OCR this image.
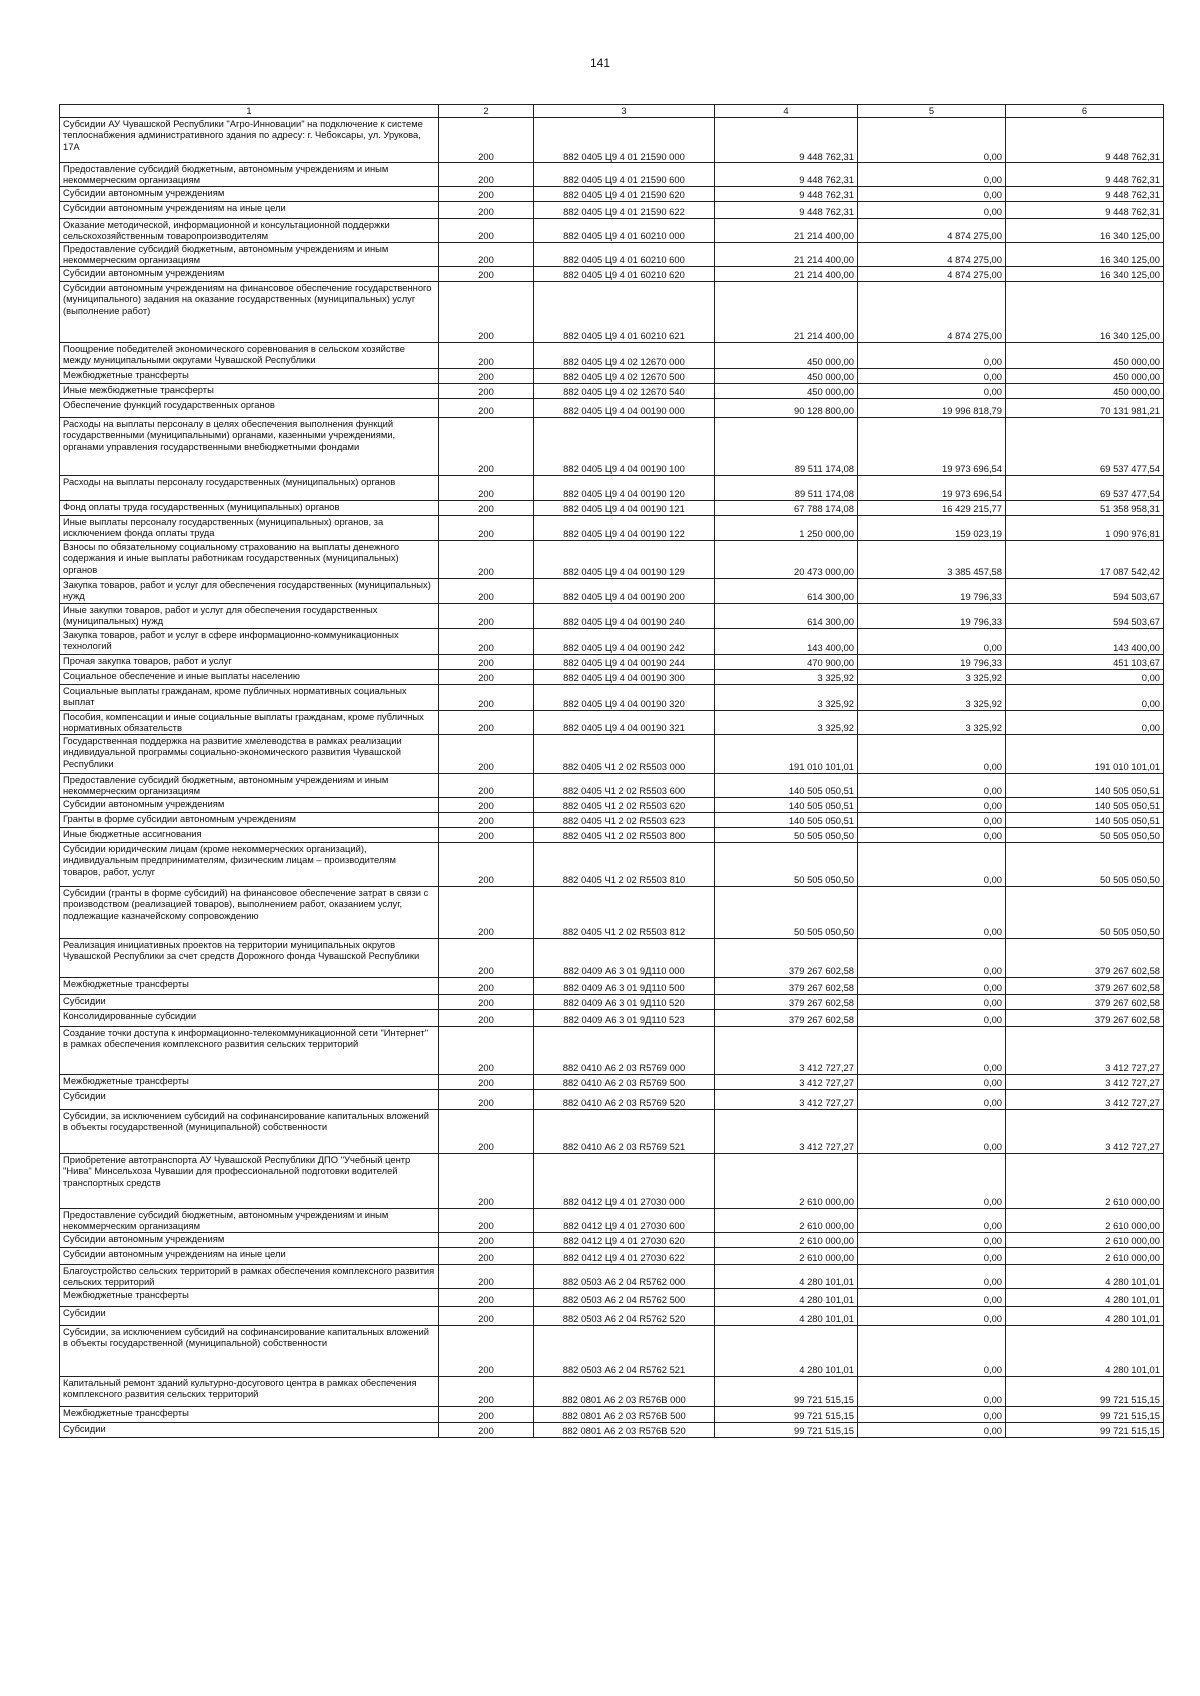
141
1	2	3	4	5	6
Субсидии АУ Чувашской Республики "Агро-Инновации" на подключение к системе теплоснабжения административного здания по адресу: г. Чебоксары, ул. Урукова, 17А	200	882 0405 Ц9 4 01 21590 000	9 448 762,31	0,00	9 448 762,31
Предоставление субсидий бюджетным, автономным учреждениям и иным некоммерческим организациям	200	882 0405 Ц9 4 01 21590 600	9 448 762,31	0,00	9 448 762,31
Субсидии автономным учреждениям	200	882 0405 Ц9 4 01 21590 620	9 448 762,31	0,00	9 448 762,31
Субсидии автономным учреждениям на иные цели	200	882 0405 Ц9 4 01 21590 622	9 448 762,31	0,00	9 448 762,31
Оказание методической, информационной и консультационной поддержки сельскохозяйственным товаропроизводителям	200	882 0405 Ц9 4 01 60210 000	21 214 400,00	4 874 275,00	16 340 125,00
Предоставление субсидий бюджетным, автономным учреждениям и иным некоммерческим организациям	200	882 0405 Ц9 4 01 60210 600	21 214 400,00	4 874 275,00	16 340 125,00
Субсидии автономным учреждениям	200	882 0405 Ц9 4 01 60210 620	21 214 400,00	4 874 275,00	16 340 125,00
Субсидии автономным учреждениям на финансовое обеспечение государственного (муниципального) задания на оказание государственных (муниципальных) услуг (выполнение работ)	200	882 0405 Ц9 4 01 60210 621	21 214 400,00	4 874 275,00	16 340 125,00
Поощрение победителей экономического соревнования в сельском хозяйстве между муниципальными округами Чувашской Республики	200	882 0405 Ц9 4 02 12670 000	450 000,00	0,00	450 000,00
Межбюджетные трансферты	200	882 0405 Ц9 4 02 12670 500	450 000,00	0,00	450 000,00
Иные межбюджетные трансферты	200	882 0405 Ц9 4 02 12670 540	450 000,00	0,00	450 000,00
Обеспечение функций государственных органов	200	882 0405 Ц9 4 04 00190 000	90 128 800,00	19 996 818,79	70 131 981,21
Расходы на выплаты персоналу в целях обеспечения выполнения функций государственными (муниципальными) органами, казенными учреждениями, органами управления государственными внебюджетными фондами	200	882 0405 Ц9 4 04 00190 100	89 511 174,08	19 973 696,54	69 537 477,54
Расходы на выплаты персоналу государственных (муниципальных) органов	200	882 0405 Ц9 4 04 00190 120	89 511 174,08	19 973 696,54	69 537 477,54
Фонд оплаты труда государственных (муниципальных) органов	200	882 0405 Ц9 4 04 00190 121	67 788 174,08	16 429 215,77	51 358 958,31
Иные выплаты персоналу государственных (муниципальных) органов, за исключением фонда оплаты труда	200	882 0405 Ц9 4 04 00190 122	1 250 000,00	159 023,19	1 090 976,81
Взносы по обязательному социальному страхованию на выплаты денежного содержания и иные выплаты работникам государственных (муниципальных) органов	200	882 0405 Ц9 4 04 00190 129	20 473 000,00	3 385 457,58	17 087 542,42
Закупка товаров, работ и услуг для обеспечения государственных (муниципальных) нужд	200	882 0405 Ц9 4 04 00190 200	614 300,00	19 796,33	594 503,67
Иные закупки товаров, работ и услуг для обеспечения государственных (муниципальных) нужд	200	882 0405 Ц9 4 04 00190 240	614 300,00	19 796,33	594 503,67
Закупка товаров, работ и услуг в сфере информационно-коммуникационных технологий	200	882 0405 Ц9 4 04 00190 242	143 400,00	0,00	143 400,00
Прочая закупка товаров, работ и услуг	200	882 0405 Ц9 4 04 00190 244	470 900,00	19 796,33	451 103,67
Социальное обеспечение и иные выплаты населению	200	882 0405 Ц9 4 04 00190 300	3 325,92	3 325,92	0,00
Социальные выплаты гражданам, кроме публичных нормативных социальных выплат	200	882 0405 Ц9 4 04 00190 320	3 325,92	3 325,92	0,00
Пособия, компенсации и иные социальные выплаты гражданам, кроме публичных нормативных обязательств	200	882 0405 Ц9 4 04 00190 321	3 325,92	3 325,92	0,00
Государственная поддержка на развитие хмелеводства в рамках реализации индивидуальной программы социально-экономического развития Чувашской Республики	200	882 0405 Ч1 2 02 R5503 000	191 010 101,01	0,00	191 010 101,01
Предоставление субсидий бюджетным, автономным учреждениям и иным некоммерческим организациям	200	882 0405 Ч1 2 02 R5503 600	140 505 050,51	0,00	140 505 050,51
Субсидии автономным учреждениям	200	882 0405 Ч1 2 02 R5503 620	140 505 050,51	0,00	140 505 050,51
Гранты в форме субсидии автономным учреждениям	200	882 0405 Ч1 2 02 R5503 623	140 505 050,51	0,00	140 505 050,51
Иные бюджетные ассигнования	200	882 0405 Ч1 2 02 R5503 800	50 505 050,50	0,00	50 505 050,50
Субсидии юридическим лицам (кроме некоммерческих организаций), индивидуальным предпринимателям, физическим лицам – производителям товаров, работ, услуг	200	882 0405 Ч1 2 02 R5503 810	50 505 050,50	0,00	50 505 050,50
Субсидии (гранты в форме субсидий) на финансовое обеспечение затрат в связи с производством (реализацией товаров), выполнением работ, оказанием услуг, подлежащие казначейскому сопровождению	200	882 0405 Ч1 2 02 R5503 812	50 505 050,50	0,00	50 505 050,50
Реализация инициативных проектов на территории муниципальных округов Чувашской Республики за счет средств Дорожного фонда Чувашской Республики	200	882 0409 А6 3 01 9Д110 000	379 267 602,58	0,00	379 267 602,58
Межбюджетные трансферты	200	882 0409 А6 3 01 9Д110 500	379 267 602,58	0,00	379 267 602,58
Субсидии	200	882 0409 А6 3 01 9Д110 520	379 267 602,58	0,00	379 267 602,58
Консолидированные субсидии	200	882 0409 А6 3 01 9Д110 523	379 267 602,58	0,00	379 267 602,58
Создание точки доступа к информационно-телекоммуникационной сети "Интернет" в рамках обеспечения комплексного развития сельских территорий	200	882 0410 А6 2 03 R5769 000	3 412 727,27	0,00	3 412 727,27
Межбюджетные трансферты	200	882 0410 А6 2 03 R5769 500	3 412 727,27	0,00	3 412 727,27
Субсидии	200	882 0410 А6 2 03 R5769 520	3 412 727,27	0,00	3 412 727,27
Субсидии, за исключением субсидий на софинансирование капитальных вложений в объекты государственной (муниципальной) собственности	200	882 0410 А6 2 03 R5769 521	3 412 727,27	0,00	3 412 727,27
Приобретение автотранспорта АУ Чувашской Республики ДПО "Учебный центр "Нива" Минсельхоза Чувашии для профессиональной подготовки водителей транспортных средств	200	882 0412 Ц9 4 01 27030 000	2 610 000,00	0,00	2 610 000,00
Предоставление субсидий бюджетным, автономным учреждениям и иным некоммерческим организациям	200	882 0412 Ц9 4 01 27030 600	2 610 000,00	0,00	2 610 000,00
Субсидии автономным учреждениям	200	882 0412 Ц9 4 01 27030 620	2 610 000,00	0,00	2 610 000,00
Субсидии автономным учреждениям на иные цели	200	882 0412 Ц9 4 01 27030 622	2 610 000,00	0,00	2 610 000,00
Благоустройство сельских территорий в рамках обеспечения комплексного развития сельских территорий	200	882 0503 А6 2 04 R5762 000	4 280 101,01	0,00	4 280 101,01
Межбюджетные трансферты	200	882 0503 А6 2 04 R5762 500	4 280 101,01	0,00	4 280 101,01
Субсидии	200	882 0503 А6 2 04 R5762 520	4 280 101,01	0,00	4 280 101,01
Субсидии, за исключением субсидий на софинансирование капитальных вложений в объекты государственной (муниципальной) собственности	200	882 0503 А6 2 04 R5762 521	4 280 101,01	0,00	4 280 101,01
Капитальный ремонт зданий культурно-досугового центра в рамках обеспечения комплексного развития сельских территорий	200	882 0801 А6 2 03 R576В 000	99 721 515,15	0,00	99 721 515,15
Межбюджетные трансферты	200	882 0801 А6 2 03 R576В 500	99 721 515,15	0,00	99 721 515,15
Субсидии	200	882 0801 А6 2 03 R576В 520	99 721 515,15	0,00	99 721 515,15
